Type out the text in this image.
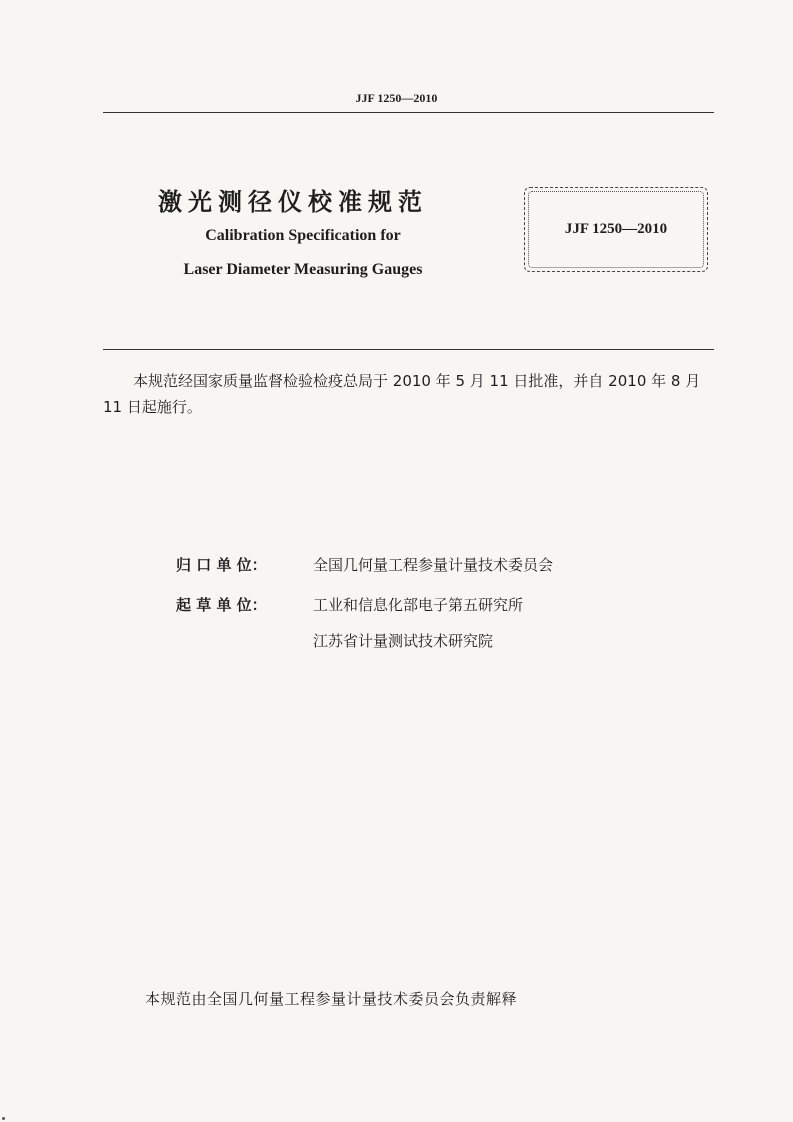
JJF 1250—2010
激光测径仪校准规范
Calibration Specification for
Laser Diameter Measuring Gauges
JJF 1250—2010
本规范经国家质量监督检验检疫总局于 2010 年 5 月 11 日批准，并自 2010 年 8 月 11 日起施行。
归 口 单 位：	全国几何量工程参量计量技术委员会
起 草 单 位：	工业和信息化部电子第五研究所
江苏省计量测试技术研究院
本规范由全国几何量工程参量计量技术委员会负责解释
